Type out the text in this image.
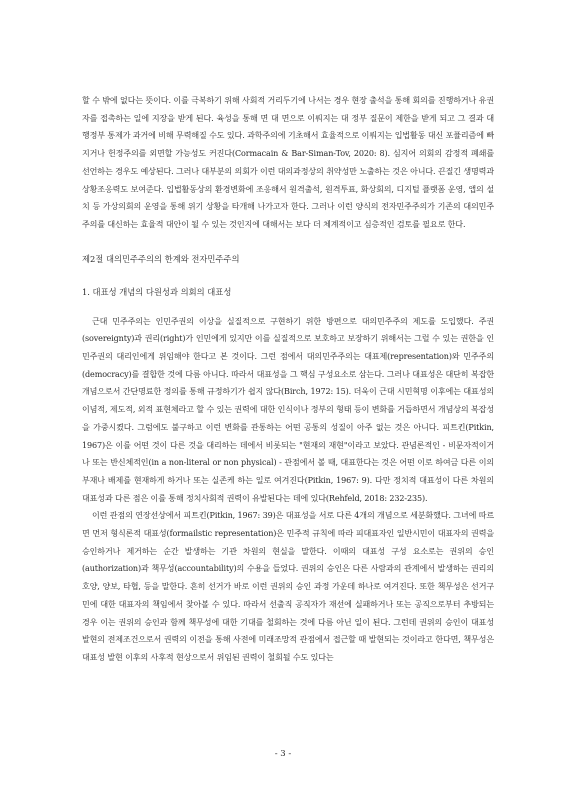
할 수 밖에 없다는 뜻이다. 이를 극복하기 위해 사회적 거리두기에 나서는 경우 현장 출석을 통해 회의를 진행하거나 유권자를 접촉하는 일에 지장을 받게 된다. 육성을 통해 면 대 면으로 이뤄지는 대 정부 질문이 제한을 받게 되고 그 결과 대 행정부 통제가 과거에 비해 무력해질 수도 있다. 과학주의에 기초해서 효율적으로 이뤄지는 입법활동 대신 포퓰리즘에 빠지거나 헌정주의를 외면할 가능성도 커진다(Cormacain & Bar-Siman-Tov, 2020: 8). 심지어 의회의 감정적 폐쇄를 선언하는 경우도 예상된다. 그러나 대부분의 의회가 이런 대의과정상의 취약성만 노출하는 것은 아니다. 끈질긴 생명력과 상황조응력도 보여준다. 입법활동상의 환경변화에 조응해서 원격출석, 원격투표, 화상회의, 디지털 플랫폼 운영, 앱의 설치 등 가상의회의 운영을 통해 위기 상황을 타개해 나가고자 한다. 그러나 이런 양식의 전자민주주의가 기존의 대의민주주의를 대신하는 효율적 대안이 될 수 있는 것인지에 대해서는 보다 더 체계적이고 심층적인 검토를 필요로 한다.

제2절 대의민주주의의 한계와 전자민주주의

1. 대표성 개념의 다원성과 의회의 대표성

근대 민주주의는 인민주권의 이상을 실질적으로 구현하기 위한 방편으로 대의민주주의 제도를 도입했다. 주권(sovereignty)과 권리(right)가 인민에게 있지만 이를 실질적으로 보호하고 보장하기 위해서는 그럴 수 있는 권한을 인민주권의 대리인에게 위임해야 한다고 본 것이다. 그런 점에서 대의민주주의는 대표제(representation)와 민주주의(democracy)를 결합한 것에 다름 아니다. 따라서 대표성을 그 핵심 구성요소로 삼는다. 그러나 대표성은 대단히 복잡한 개념으로서 간단명료한 정의를 통해 규정하기가 쉽지 않다(Birch, 1972: 15). 더욱이 근대 시민혁명 이후에는 대표성의 이념적, 제도적, 외적 표현체라고 할 수 있는 권력에 대한 인식이나 정부의 형태 등이 변화를 거듭하면서 개념상의 복잡성을 가중시켰다. 그럼에도 불구하고 이런 변화를 관통하는 어떤 공통의 성질이 아주 없는 것은 아니다. 피트킨(Pitkin, 1967)은 이를 어떤 것이 다른 것을 대리하는 데에서 비롯되는 "현재의 재현"이라고 보았다. 관념론적인 - 비문자적이거나 또는 반신체적인(in a non-literal or non physical) - 관점에서 볼 때, 대표한다는 것은 어떤 이로 하여금 다른 이의 부재나 배제를 현재하게 하거나 또는 실존케 하는 일로 여겨진다(Pitkin, 1967: 9). 다만 정치적 대표성이 다른 차원의 대표성과 다른 점은 이를 통해 정치사회적 권력이 유발된다는 데에 있다(Rehfeld, 2018: 232-235).

이런 관점의 연장선상에서 피트킨(Pitkin, 1967: 39)은 대표성을 서로 다른 4개의 개념으로 세분화했다. 그녀에 따르면 먼저 형식론적 대표성(formailstic representation)은 민주적 규칙에 따라 피대표자인 일반시민이 대표자의 권력을 승인하거나 제거하는 순간 발생하는 기관 차원의 현실을 말한다. 이때의 대표성 구성 요소로는 권위의 승인(authorization)과 책무성(accountability)의 수용을 들었다. 권위의 승인은 다른 사람과의 관계에서 발생하는 권리의 호양, 양보, 타협, 등을 말한다. 흔히 선거가 바로 이런 권위의 승인 과정 가운데 하나로 여겨진다. 또한 책무성은 선거구민에 대한 대표자의 책임에서 찾아볼 수 있다. 따라서 선출직 공직자가 재선에 실패하거나 또는 공직으로부터 추방되는 경우 이는 권위의 승인과 함께 책무성에 대한 기대를 철회하는 것에 다름 아닌 일이 된다. 그런데 권위의 승인이 대표성 발현의 전제조건으로서 권력의 이전을 통해 사전에 미래조망적 관점에서 접근할 때 발현되는 것이라고 한다면, 책무성은 대표성 발현 이후의 사후적 현상으로서 위임된 권력이 철회될 수도 있다는

- 3 -
